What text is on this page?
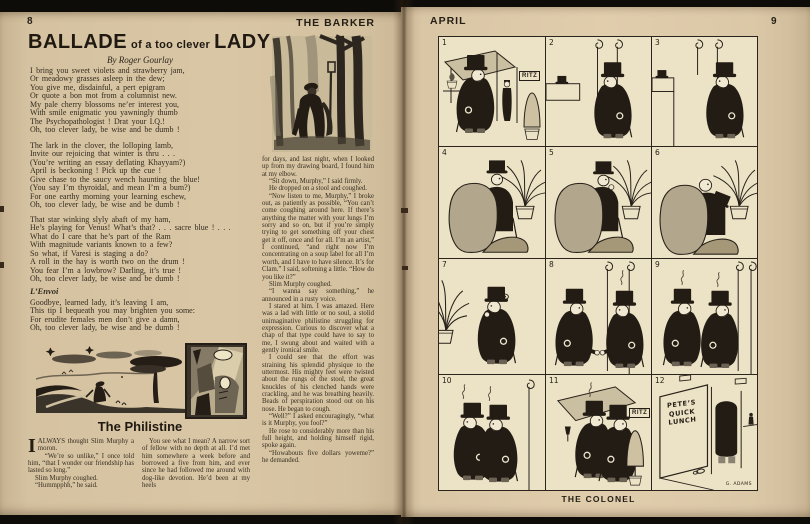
8	THE BARKER
BALLADE of a too clever LADY
By Roger Gourlay
I bring you sweet violets and strawberry jam,
Or meadowy grasses asleep in the dew;
You give me, disdainful, a pert epigram
Or quote a bon mot from a columnist new.
My pale cherry blossoms ne’er interest you,
With smile enigmatic you yawningly thumb
The Psychopathologist ! Drat your I.Q.!
Oh, too clever lady, be wise and be dumb !
The lark in the clover, the lolloping lamb,
Invite our rejoicing that winter is thru . . .
(You’re writing an essay deflating Khayyam?)
April is beckoning ! Pick up the cue !
Give chase to the saucy wench haunting the blue!
(You say I’m thyroidal, and mean I’m a bum?)
For one earthy morning your learning eschew,
Oh, too clever lady, be wise and be dumb !
That star winking slyly abaft of my ham,
He’s playing for Venus! What’s that? . . . sacre blue ! . . .
What do I care that he’s part of the Ram
With magnitude variants known to a few?
So what, if Varesi is staging a do?
A roll in the hay is worth two on the drum !
You fear I’m a lowbrow? Darling, it’s true !
Oh, too clever lady, be wise and be dumb !
L’Envoi
Goodbye, learned lady, it’s leaving I am,
This tip I bequeath you may brighten you some:
For erudite females men don’t give a damn,
Oh, too clever lady, be wise and be dumb !

for days, and last night, when I looked up from my drawing board, I found him at my elbow.

“Sit down, Murphy,” I said firmly.

He dropped on a stool and coughed.

“Now listen to me, Murphy,” I broke out, as patiently as possible, “You can’t come coughing around here. If there’s anything the matter with your lungs I’m sorry and so on, but if you’re simply trying to get something off your chest get it off, once and for all. I’m an artist,” I continued, “and right now I’m concentrating on a soup label for all I’m worth, and I have to have silence. It’s for Clam.” I said, softening a little. “How do you like it?”

Slim Murphy coughed.

“I wanna say something,” he announced in a rusty voice.

I stared at him. I was amazed. Here was a lad with little or no soul, a stolid unimaginative philistine struggling for expression. Curious to discover what a chap of that type could have to say to me, I swung about and waited with a gently ironical smile.

I could see that the effort was straining his splendid physique to the uttermost. His mighty feet were twisted about the rungs of the stool, the great knuckles of his clenched hands were crackling, and he was breathing heavily. Beads of perspiration stood out on his nose. He began to cough.

“Well?” I asked encouragingly, “what is it Murphy, you fool?”

He rose to considerably more than his full height, and holding himself rigid, spoke again.

“Howabouts five dollars yoweme?” he demanded.

The Philistine

IALWAYS thought Slim Murphy a moron.

“We’re so unlike,” I once told him, “that I wonder our friendship has lasted so long.”

Slim Murphy coughed.

“Hummpphh,” he said.

You see what I mean? A narrow sort of fellow with no depth at all. I’d met him somewhere a week before and borrowed a five from him, and ever since he had followed me around with dog-like devotion. He’d been at my heels

APRIL	9
1
RITZ
2	3
4	5	6
7	8	9
10	11
RITZ
12
PETE’S
QUICK
LUNCH
G. ADAMS
THE COLONEL
